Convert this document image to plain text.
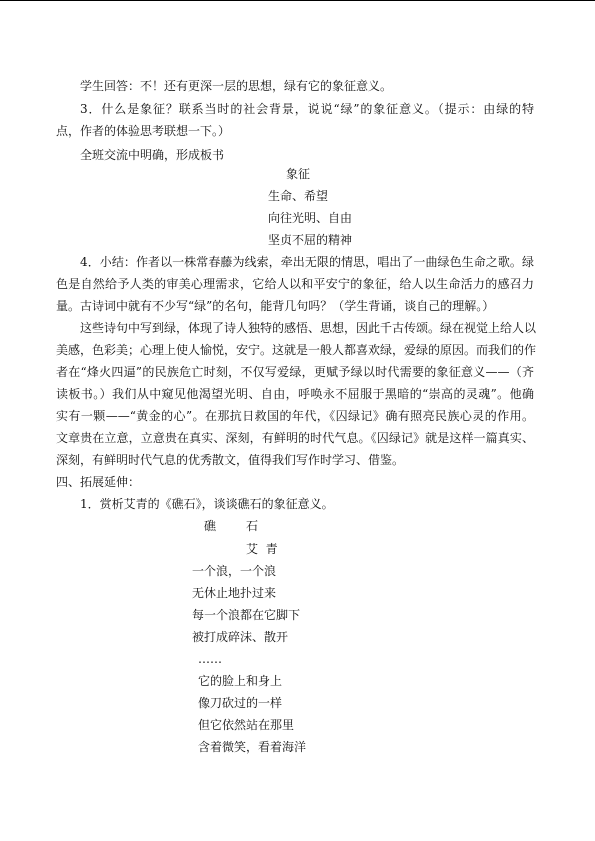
学生回答：不！还有更深一层的思想，绿有它的象征意义。
3．什么是象征？联系当时的社会背景，说说“绿”的象征意义。（提示：由绿的特
点，作者的体验思考联想一下。）
全班交流中明确，形成板书
象征
生命、希望
向往光明、自由
坚贞不屈的精神
4．小结：作者以一株常春藤为线索，牵出无限的情思，唱出了一曲绿色生命之歌。绿
色是自然给予人类的审美心理需求，它给人以和平安宁的象征，给人以生命活力的感召力
量。古诗词中就有不少写“绿”的名句，能背几句吗？（学生背诵，谈自己的理解。）
这些诗句中写到绿，体现了诗人独特的感悟、思想，因此千古传颂。绿在视觉上给人以
美感，色彩美；心理上使人愉悦，安宁。这就是一般人都喜欢绿，爱绿的原因。而我们的作
者在“烽火四逼”的民族危亡时刻，不仅写爱绿，更赋予绿以时代需要的象征意义——（齐
读板书。）我们从中窥见他渴望光明、自由，呼唤永不屈服于黑暗的“崇高的灵魂”。他确
实有一颗——“黄金的心”。在那抗日救国的年代，《囚绿记》确有照亮民族心灵的作用。
文章贵在立意，立意贵在真实、深刻，有鲜明的时代气息。《囚绿记》就是这样一篇真实、
深刻，有鲜明时代气息的优秀散文，值得我们写作时学习、借鉴。
四、拓展延伸：
1．赏析艾青的《礁石》，谈谈礁石的象征意义。
礁 石
艾  青
一个浪，一个浪
无休止地扑过来
每一个浪都在它脚下
被打成碎沫、散开
……
它的脸上和身上
像刀砍过的一样
但它依然站在那里
含着微笑，看着海洋
